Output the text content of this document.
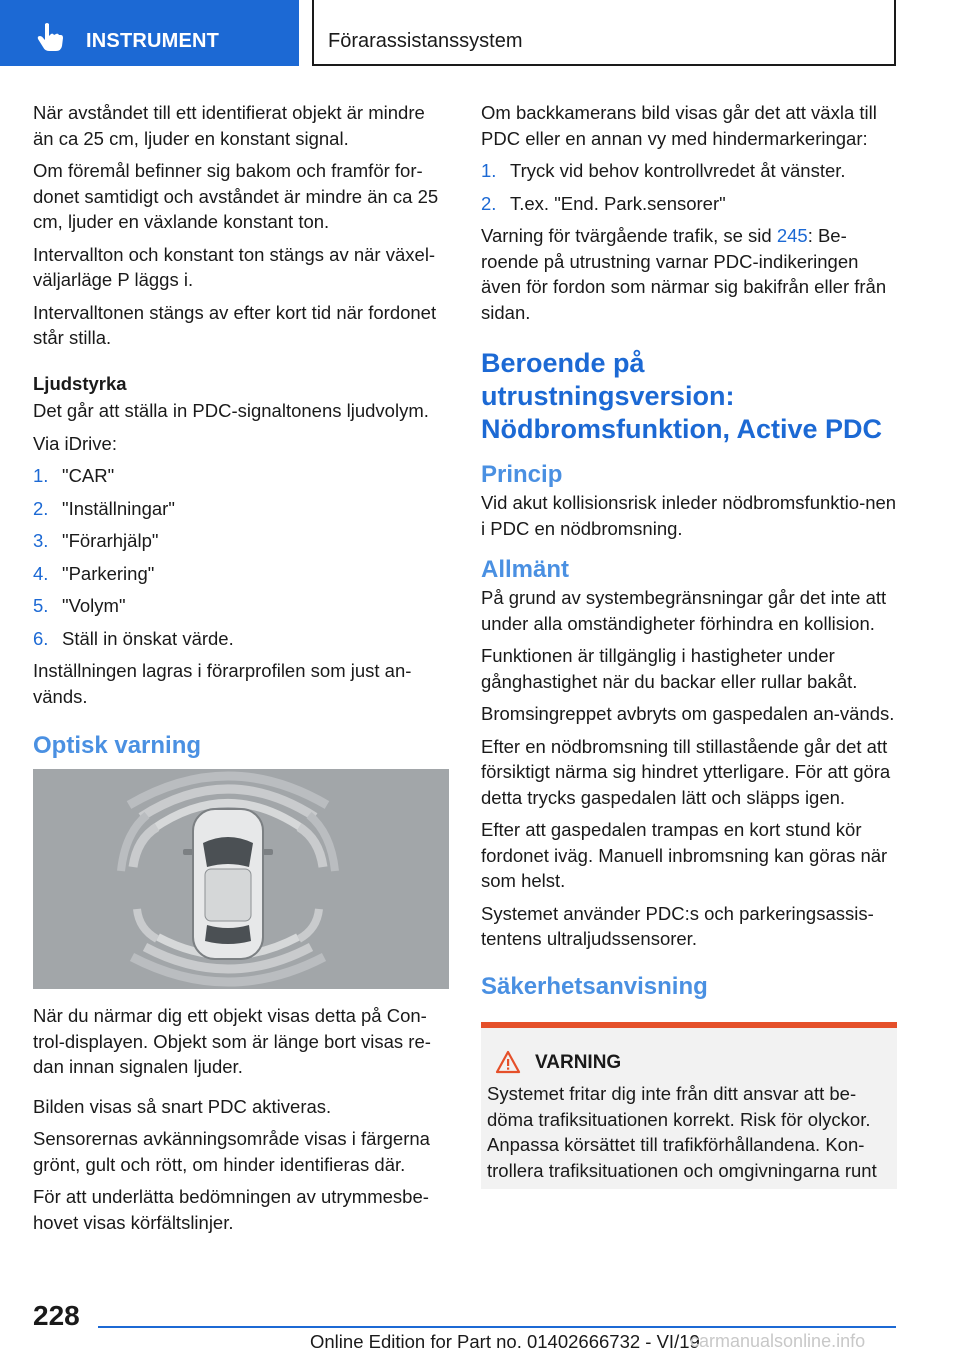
INSTRUMENT	Förarassistanssystem

När avståndet till ett identifierat objekt är mindre än ca 25 cm, ljuder en konstant signal.

Om föremål befinner sig bakom och framför for-donet samtidigt och avståndet är mindre än ca 25 cm, ljuder en växlande konstant ton.

Intervallton och konstant ton stängs av när växel-väljarläge P läggs i.

Intervalltonen stängs av efter kort tid när fordonet står stilla.

Ljudstyrka

Det går att ställa in PDC-signaltonens ljudvolym.

Via iDrive:

1. "CAR"
2. "Inställningar"
3. "Förarhjälp"
4. "Parkering"
5. "Volym"
6. Ställ in önskat värde.

Inställningen lagras i förarprofilen som just an-vänds.

Optisk varning

När du närmar dig ett objekt visas detta på Con-trol-displayen. Objekt som är länge bort visas re-dan innan signalen ljuder.

Bilden visas så snart PDC aktiveras.

Sensorernas avkänningsområde visas i färgerna grönt, gult och rött, om hinder identifieras där.

För att underlätta bedömningen av utrymmesbe-hovet visas körfältslinjer.

Om backkamerans bild visas går det att växla till PDC eller en annan vy med hindermarkeringar:

1. Tryck vid behov kontrollvredet åt vänster.
2. T.ex. "End. Park.sensorer"

Varning för tvärgående trafik, se sid 245: Be-roende på utrustning varnar PDC-indikeringen även för fordon som närmar sig bakifrån eller från sidan.

Beroende på utrustningsversion: Nödbromsfunktion, Active PDC
Princip

Vid akut kollisionsrisk inleder nödbromsfunktio-nen i PDC en nödbromsning.

Allmänt

På grund av systembegränsningar går det inte att under alla omständigheter förhindra en kollision.

Funktionen är tillgänglig i hastigheter under gånghastighet när du backar eller rullar bakåt.

Bromsingreppet avbryts om gaspedalen an-vänds.

Efter en nödbromsning till stillastående går det att försiktigt närma sig hindret ytterligare. För att göra detta trycks gaspedalen lätt och släpps igen.

Efter att gaspedalen trampas en kort stund kör fordonet iväg. Manuell inbromsning kan göras när som helst.

Systemet använder PDC:s och parkeringsassis-tentens ultraljudssensorer.

Säkerhetsanvisning
VARNING

Systemet fritar dig inte från ditt ansvar att be-döma trafiksituationen korrekt. Risk för olyckor. Anpassa körsättet till trafikförhållandena. Kon-trollera trafiksituationen och omgivningarna runt

228
Online Edition for Part no. 01402666732 - VI/19
carmanualsonline.info
